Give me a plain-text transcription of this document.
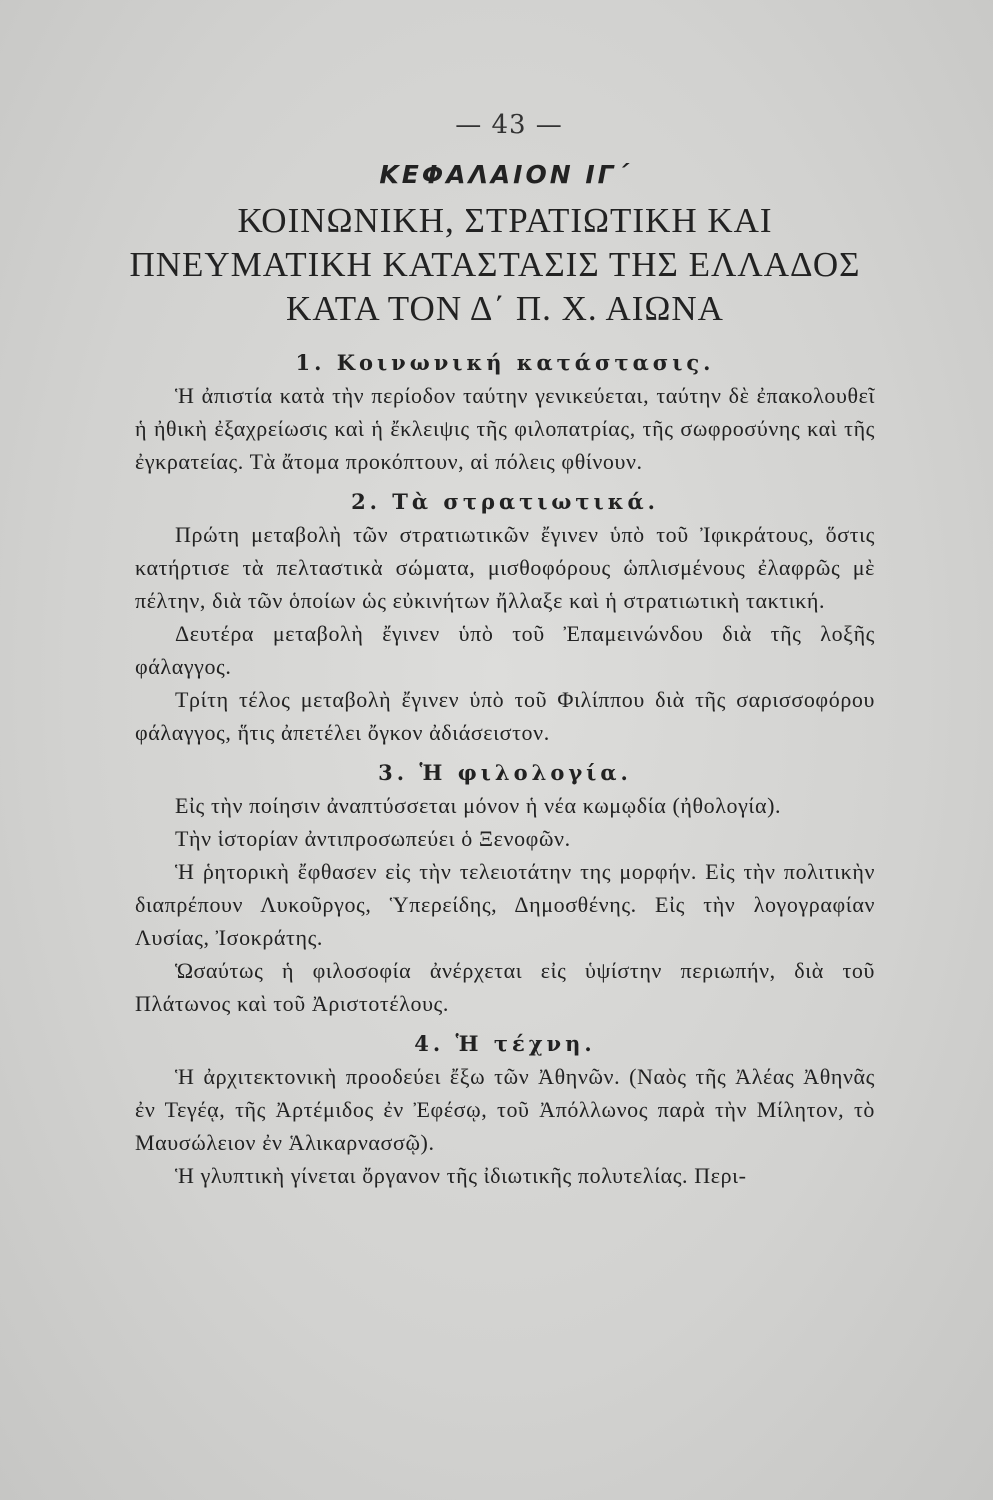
— 43 —
ΚΕΦΑΛΑΙΟΝ ΙΓ΄
ΚΟΙΝΩΝΙΚΗ, ΣΤΡΑΤΙΩΤΙΚΗ ΚΑΙ
ΠΝΕΥΜΑΤΙΚΗ ΚΑΤΑΣΤΑΣΙΣ ΤΗΣ ΕΛΛΑΔΟΣ
ΚΑΤΑ ΤΟΝ Δ΄ Π. Χ. ΑΙΩΝΑ
1. Κοινωνική κατάστασις.

Ἡ ἀπιστία κατὰ τὴν περίοδον ταύτην γενικεύεται, ταύτην δὲ ἐπακολουθεῖ ἡ ἠθικὴ ἐξαχρείωσις καὶ ἡ ἔκλειψις τῆς φιλοπατρίας, τῆς σωφροσύνης καὶ τῆς ἐγκρατείας. Τὰ ἄτομα προκόπτουν, αἱ πόλεις φθίνουν.

2. Τὰ στρατιωτικά.

Πρώτη μεταβολὴ τῶν στρατιωτικῶν ἔγινεν ὑπὸ τοῦ Ἰφικράτους, ὅστις κατήρτισε τὰ πελταστικὰ σώματα, μισθοφόρους ὡπλισμένους ἐλαφρῶς μὲ πέλτην, διὰ τῶν ὁποίων ὡς εὐκινήτων ἤλλαξε καὶ ἡ στρατιωτικὴ τακτική.

Δευτέρα μεταβολὴ ἔγινεν ὑπὸ τοῦ Ἐπαμεινώνδου διὰ τῆς λοξῆς φάλαγγος.

Τρίτη τέλος μεταβολὴ ἔγινεν ὑπὸ τοῦ Φιλίππου διὰ τῆς σαρισσοφόρου φάλαγγος, ἥτις ἀπετέλει ὄγκον ἀδιάσειστον.

3. Ἡ φιλολογία.

Εἰς τὴν ποίησιν ἀναπτύσσεται μόνον ἡ νέα κωμῳδία (ἠθολογία).

Τὴν ἱστορίαν ἀντιπροσωπεύει ὁ Ξενοφῶν.

Ἡ ῥητορικὴ ἔφθασεν εἰς τὴν τελειοτάτην της μορφήν. Εἰς τὴν πολιτικὴν διαπρέπουν Λυκοῦργος, Ὑπερείδης, Δημοσθένης. Εἰς τὴν λογογραφίαν Λυσίας, Ἰσοκράτης.

Ὡσαύτως ἡ φιλοσοφία ἀνέρχεται εἰς ὑψίστην περιωπήν, διὰ τοῦ Πλάτωνος καὶ τοῦ Ἀριστοτέλους.

4. Ἡ τέχνη.

Ἡ ἀρχιτεκτονικὴ προοδεύει ἔξω τῶν Ἀθηνῶν. (Ναὸς τῆς Ἀλέας Ἀθηνᾶς ἐν Τεγέᾳ, τῆς Ἀρτέμιδος ἐν Ἐφέσῳ, τοῦ Ἀπόλλωνος παρὰ τὴν Μίλητον, τὸ Μαυσώλειον ἐν Ἁλικαρνασσῷ).

Ἡ γλυπτικὴ γίνεται ὄργανον τῆς ἰδιωτικῆς πολυτελίας. Περι-
